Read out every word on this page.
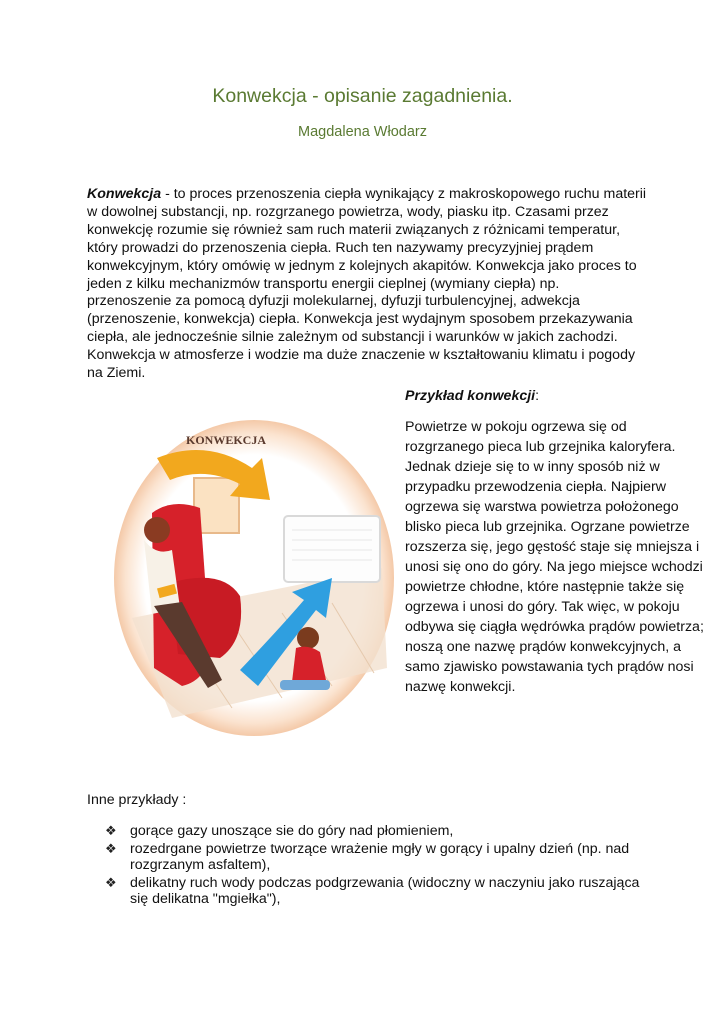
Konwekcja - opisanie zagadnienia.
Magdalena Włodarz
Konwekcja - to proces przenoszenia ciepła wynikający z makroskopowego ruchu materii w dowolnej substancji, np. rozgrzanego powietrza, wody, piasku itp. Czasami przez konwekcję rozumie się również sam ruch materii związanych z różnicami temperatur, który prowadzi do przenoszenia ciepła. Ruch ten nazywamy precyzyjniej prądem konwekcyjnym, który omówię w jednym z kolejnych akapitów. Konwekcja jako proces to jeden z kilku mechanizmów transportu energii cieplnej (wymiany ciepła) np. przenoszenie za pomocą dyfuzji molekularnej, dyfuzji turbulencyjnej, adwekcja (przenoszenie, konwekcja) ciepła. Konwekcja jest wydajnym sposobem przekazywania ciepła, ale jednocześnie silnie zależnym od substancji i warunków w jakich zachodzi. Konwekcja w atmosferze i wodzie ma duże znaczenie w kształtowaniu klimatu i pogody na Ziemi.

Przykład konwekcji:

Powietrze w pokoju ogrzewa się od rozgrzanego pieca lub grzejnika kaloryfera. Jednak dzieje się to w inny sposób niż w przypadku przewodzenia ciepła. Najpierw ogrzewa się warstwa powietrza położonego blisko pieca lub grzejnika. Ogrzane powietrze rozszerza się, jego gęstość staje się mniejsza i unosi się ono do góry. Na jego miejsce wchodzi powietrze chłodne, które następnie także się ogrzewa i unosi do góry. Tak więc, w pokoju odbywa się ciągła wędrówka prądów powietrza; noszą one nazwę prądów konwekcyjnych, a samo zjawisko powstawania tych prądów nosi nazwę konwekcji.

KONWEKCJA
Inne przykłady :
❖ gorące gazy unoszące sie do góry nad płomieniem,
❖ rozedrgane powietrze tworzące wrażenie mgły w gorący i upalny dzień (np. nad rozgrzanym asfaltem),
❖ delikatny ruch wody podczas podgrzewania (widoczny w naczyniu jako ruszająca się delikatna "mgiełka"),
